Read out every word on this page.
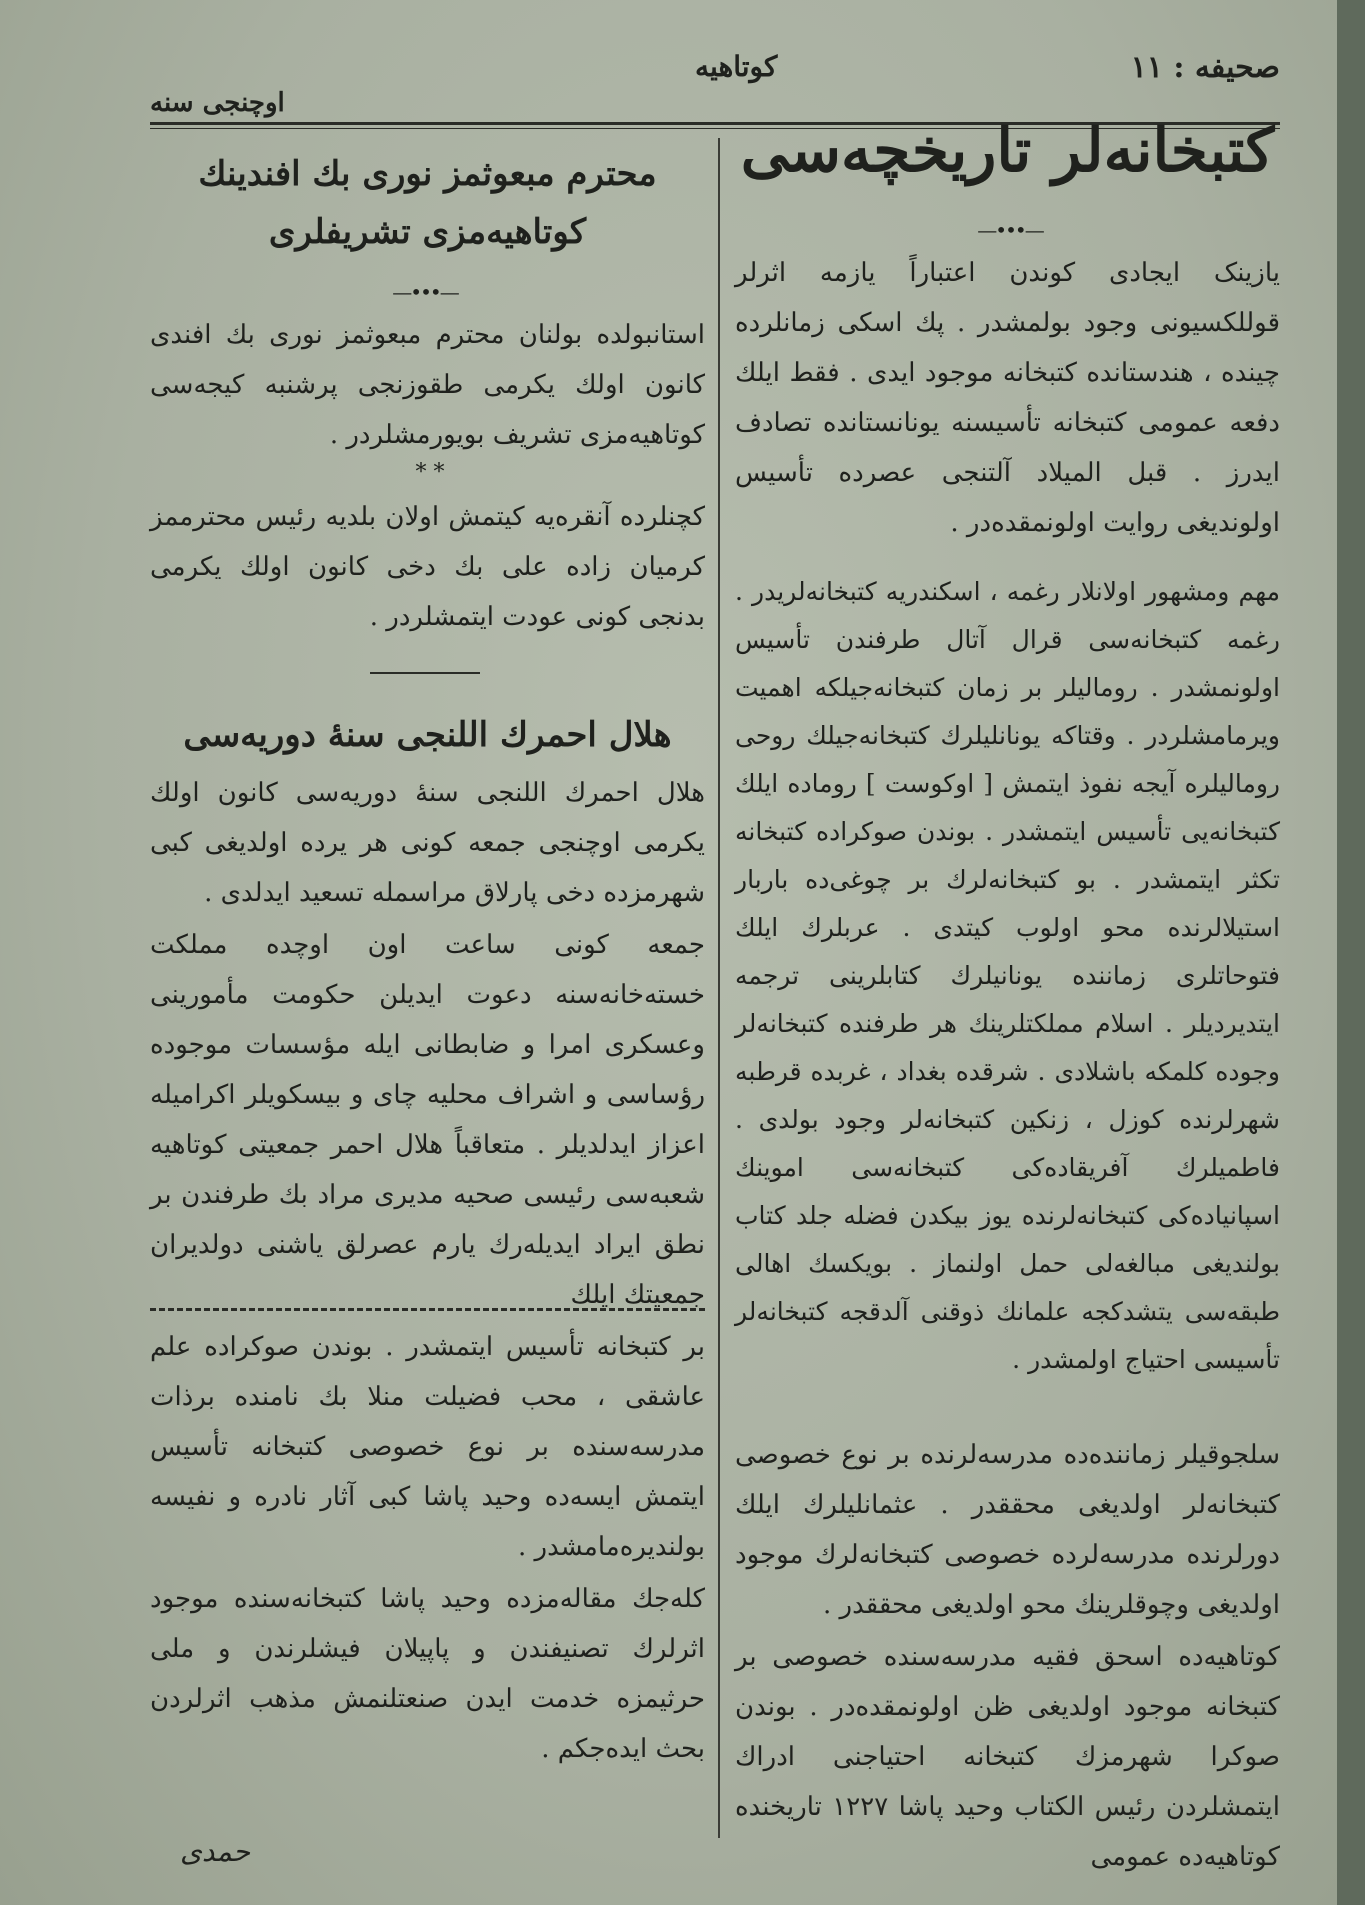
صحیفه : ۱۱
کوتاهیه
اوچنجی سنه
کتبخانه‌لر تاریخچه‌سی
—•••—

یازینک ایجادی کوندن اعتباراً یازمه اثرلر قوللکسیونی وجود بولمشدر . پك اسکی زمانلرده چینده ، هندستانده کتبخانه موجود ایدی . فقط ایلك دفعه عمومی کتبخانه تأسیسنه یونانستانده تصادف ایدرز . قبل المیلاد آلتنجی عصرده تأسیس اولوندیغی روایت اولونمقده‌در .

مهم ومشهور اولانلار رغمه ، اسکندریه کتبخانه‌لریدر . رغمه کتبخانه‌سی قرال آتال طرفندن تأسیس اولونمشدر . روماليلر بر زمان کتبخانه‌جیلکه اهمیت ویرمامشلردر . وقتاکه یونانلیلرك کتبخانه‌جیلك روحی روماليلره آیجه نفوذ ایتمش [ اوکوست ] رومادە ایلك کتبخانه‌یی تأسیس ایتمشدر . بوندن صوکراده کتبخانه تکثر ایتمشدر . بو کتبخانه‌لرك بر چوغی‌ده باربار استیلالرنده محو اولوب کیتدی . عربلرك ایلك فتوحاتلری زماننده یونانیلرك کتابلرینی ترجمه ایتدیردیلر . اسلام مملکتلرینك هر طرفنده کتبخانه‌لر وجوده کلمکه باشلادی . شرقده بغداد ، غربده قرطبه شهرلرنده کوزل ، زنکین کتبخانه‌لر وجود بولدی . فاطمیلرك آفریقاده‌کی کتبخانه‌سی اموینك اسپانیاده‌کی کتبخانه‌لرنده یوز بیکدن فضله جلد کتاب بولندیغی مبالغه‌لی حمل اولنماز . بویکسك اهالی طبقه‌سی یتشدکجه علمانك ذوقنی آلدقجه کتبخانه‌لر تأسیسی احتیاج اولمشدر .

سلجوقیلر زماننده‌ده مدرسه‌لرنده بر نوع خصوصی کتبخانه‌لر اولدیغی محققدر . عثمانلیلرك ایلك دورلرنده مدرسه‌لرده خصوصی کتبخانه‌لرك موجود اولدیغی وچوقلرینك محو اولدیغی محققدر .

کوتاهیه‌ده اسحق فقیه مدرسه‌سنده خصوصی بر کتبخانه موجود اولدیغی ظن اولونمقده‌در . بوندن صوکرا شهرمزك کتبخانه احتیاجنی ادراك ایتمشلردن رئیس الکتاب وحید پاشا ۱۲۲۷ تاریخنده کوتاهیه‌ده عمومی

محترم مبعوثمز نوری بك افندینك کوتاهیه‌مزی تشریفلری
—•••—

استانبولده بولنان محترم مبعوثمز نوری بك افندی کانون اولك یکرمی طقوزنجی پرشنبه کیجه‌سی کوتاهیه‌مزی تشریف بویورمشلردر .

* *

کچنلرده آنقره‌یه کیتمش اولان بلدیه رئیس محترممز کرمیان زاده علی بك دخی کانون اولك یکرمی بدنجی کونی عودت ایتمشلردر .

هلال احمرك اللنجی سنهٔ دوریه‌سی

هلال احمرك اللنجی سنهٔ دوریه‌سی کانون اولك یکرمی اوچنجی جمعه کونی هر یرده اولدیغی کبی شهرمزده دخی پارلاق مراسمله تسعید ایدلدی .

جمعه کونی ساعت اون اوچده مملکت خسته‌خانه‌سنه دعوت ایدیلن حکومت مأمورینی وعسکری امرا و ضابطانی ایله مؤسسات موجوده رؤساسی و اشراف محلیه چای و بیسکویلر اکرامیله اعزاز ایدلدیلر . متعاقباً هلال احمر جمعیتی کوتاهیه شعبه‌سی رئیسی صحیه مدیری مراد بك طرفندن بر نطق ایراد ایدیلەرك یارم عصرلق یاشنی دولدیران جمعیتك ایلك

بر کتبخانه تأسیس ایتمشدر . بوندن صوکراده علم عاشقی ، محب فضیلت منلا بك نامنده برذات مدرسه‌سنده بر نوع خصوصی کتبخانه تأسیس ایتمش ایسه‌ده وحید پاشا کبی آثار نادره و نفیسه بولندیرەمامشدر .

کله‌جك مقاله‌مزده وحید پاشا کتبخانه‌سنده موجود اثرلرك تصنیفندن و پاپیلان فیشلرندن و ملی حرثیمزه خدمت ایدن صنعتلنمش مذهب اثرلردن بحث ایده‌جکم .

حمدی
